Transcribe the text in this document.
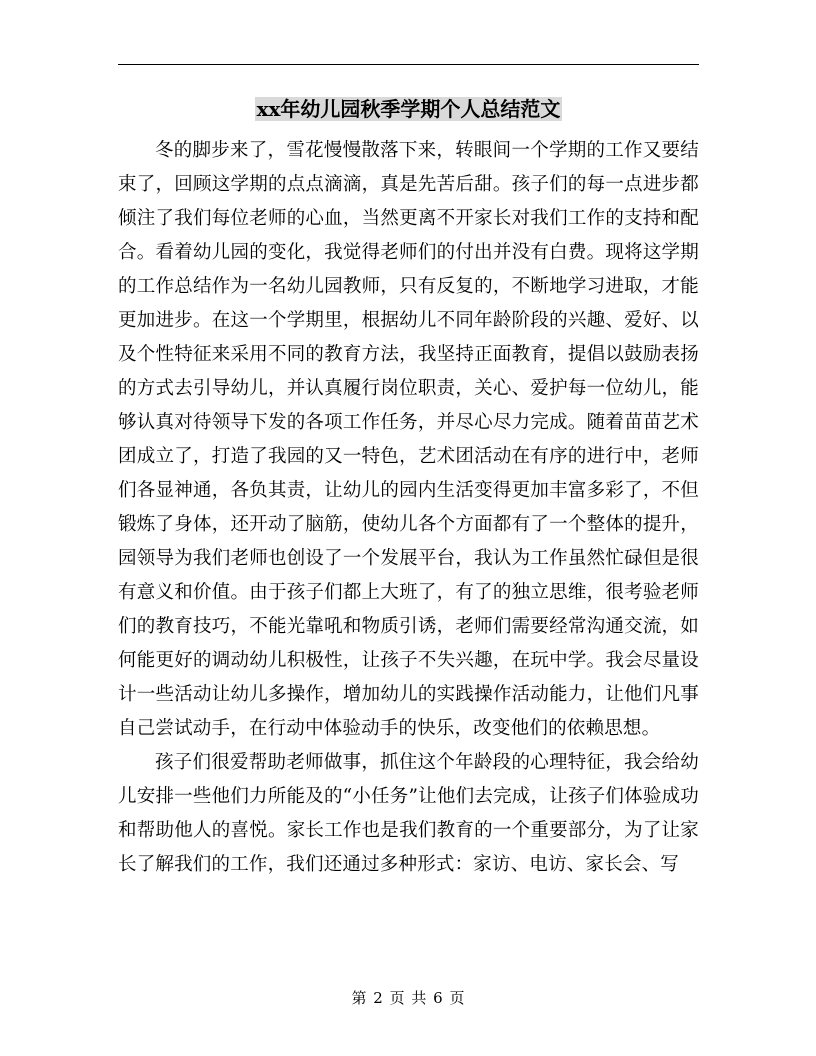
xx年幼儿园秋季学期个人总结范文

冬的脚步来了，雪花慢慢散落下来，转眼间一个学期的工作又要结束了，回顾这学期的点点滴滴，真是先苦后甜。孩子们的每一点进步都倾注了我们每位老师的心血，当然更离不开家长对我们工作的支持和配合。看着幼儿园的变化，我觉得老师们的付出并没有白费。现将这学期的工作总结作为一名幼儿园教师，只有反复的，不断地学习进取，才能更加进步。在这一个学期里，根据幼儿不同年龄阶段的兴趣、爱好、以及个性特征来采用不同的教育方法，我坚持正面教育，提倡以鼓励表扬的方式去引导幼儿，并认真履行岗位职责，关心、爱护每一位幼儿，能够认真对待领导下发的各项工作任务，并尽心尽力完成。随着苗苗艺术团成立了，打造了我园的又一特色，艺术团活动在有序的进行中，老师们各显神通，各负其责，让幼儿的园内生活变得更加丰富多彩了，不但锻炼了身体，还开动了脑筋，使幼儿各个方面都有了一个整体的提升，园领导为我们老师也创设了一个发展平台，我认为工作虽然忙碌但是很有意义和价值。由于孩子们都上大班了，有了的独立思维，很考验老师们的教育技巧，不能光靠吼和物质引诱，老师们需要经常沟通交流，如何能更好的调动幼儿积极性，让孩子不失兴趣，在玩中学。我会尽量设计一些活动让幼儿多操作，增加幼儿的实践操作活动能力，让他们凡事自己尝试动手，在行动中体验动手的快乐，改变他们的依赖思想。

孩子们很爱帮助老师做事，抓住这个年龄段的心理特征，我会给幼儿安排一些他们力所能及的“小任务”让他们去完成，让孩子们体验成功和帮助他人的喜悦。家长工作也是我们教育的一个重要部分，为了让家长了解我们的工作，我们还通过多种形式：家访、电访、家长会、写

第 2 页 共 6 页
